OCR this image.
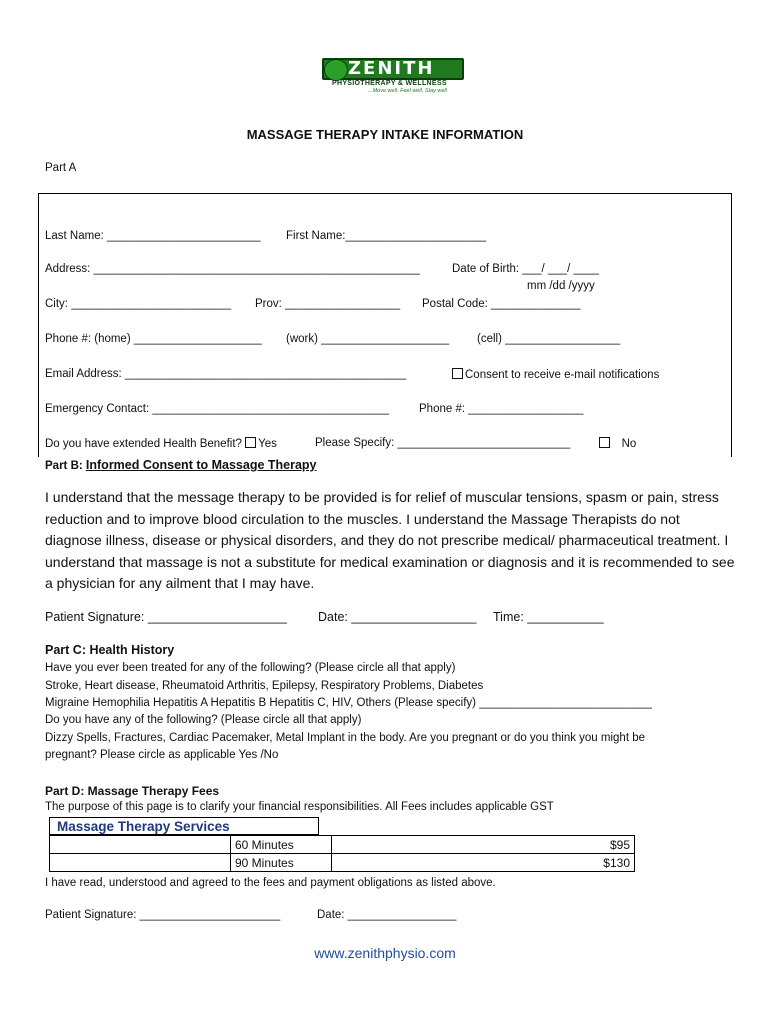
ZENITH
PHYSIOTHERAPY & WELLNESS
...Move well, Feel well, Stay well
MASSAGE THERAPY INTAKE INFORMATION
Part A
Last Name: ________________________ First Name:______________________
Address: ___________________________________________________	Date of Birth: ___/ ___/ ____
mm /dd /yyyy
City: _________________________ Prov: __________________ Postal Code: ______________
Phone #: (home) ____________________ (work) ____________________ (cell) __________________
Email Address: ____________________________________________	Consent to receive e-mail notifications
Emergency Contact: _____________________________________	Phone #: __________________
Do you have extended Health Benefit? Yes	Please Specify: ___________________________	No
Part B: Informed Consent to Massage Therapy
I understand that the message therapy to be provided is for relief of muscular tensions, spasm or pain, stress reduction and to improve blood circulation to the muscles. I understand the Massage Therapists do not diagnose illness, disease or physical disorders, and they do not prescribe medical/ pharmaceutical treatment. I understand that massage is not a substitute for medical examination or diagnosis and it is recommended to see a physician for any ailment that I may have.
Patient Signature: ____________________ Date: __________________ Time: ___________
Part C: Health History
Have you ever been treated for any of the following? (Please circle all that apply)
Stroke, Heart disease, Rheumatoid Arthritis, Epilepsy, Respiratory Problems, Diabetes
Migraine Hemophilia Hepatitis A Hepatitis B Hepatitis C, HIV, Others (Please specify) ___________________________
Do you have any of the following? (Please circle all that apply)
Dizzy Spells, Fractures, Cardiac Pacemaker, Metal Implant in the body. Are you pregnant or do you think you might be
pregnant? Please circle as applicable Yes /No
Part D: Massage Therapy Fees
The purpose of this page is to clarify your financial responsibilities. All Fees includes applicable GST
Massage Therapy Services
	60 Minutes	$95
	90 Minutes	$130
I have read, understood and agreed to the fees and payment obligations as listed above.
Patient Signature: ______________________	Date: _________________
www.zenithphysio.com
